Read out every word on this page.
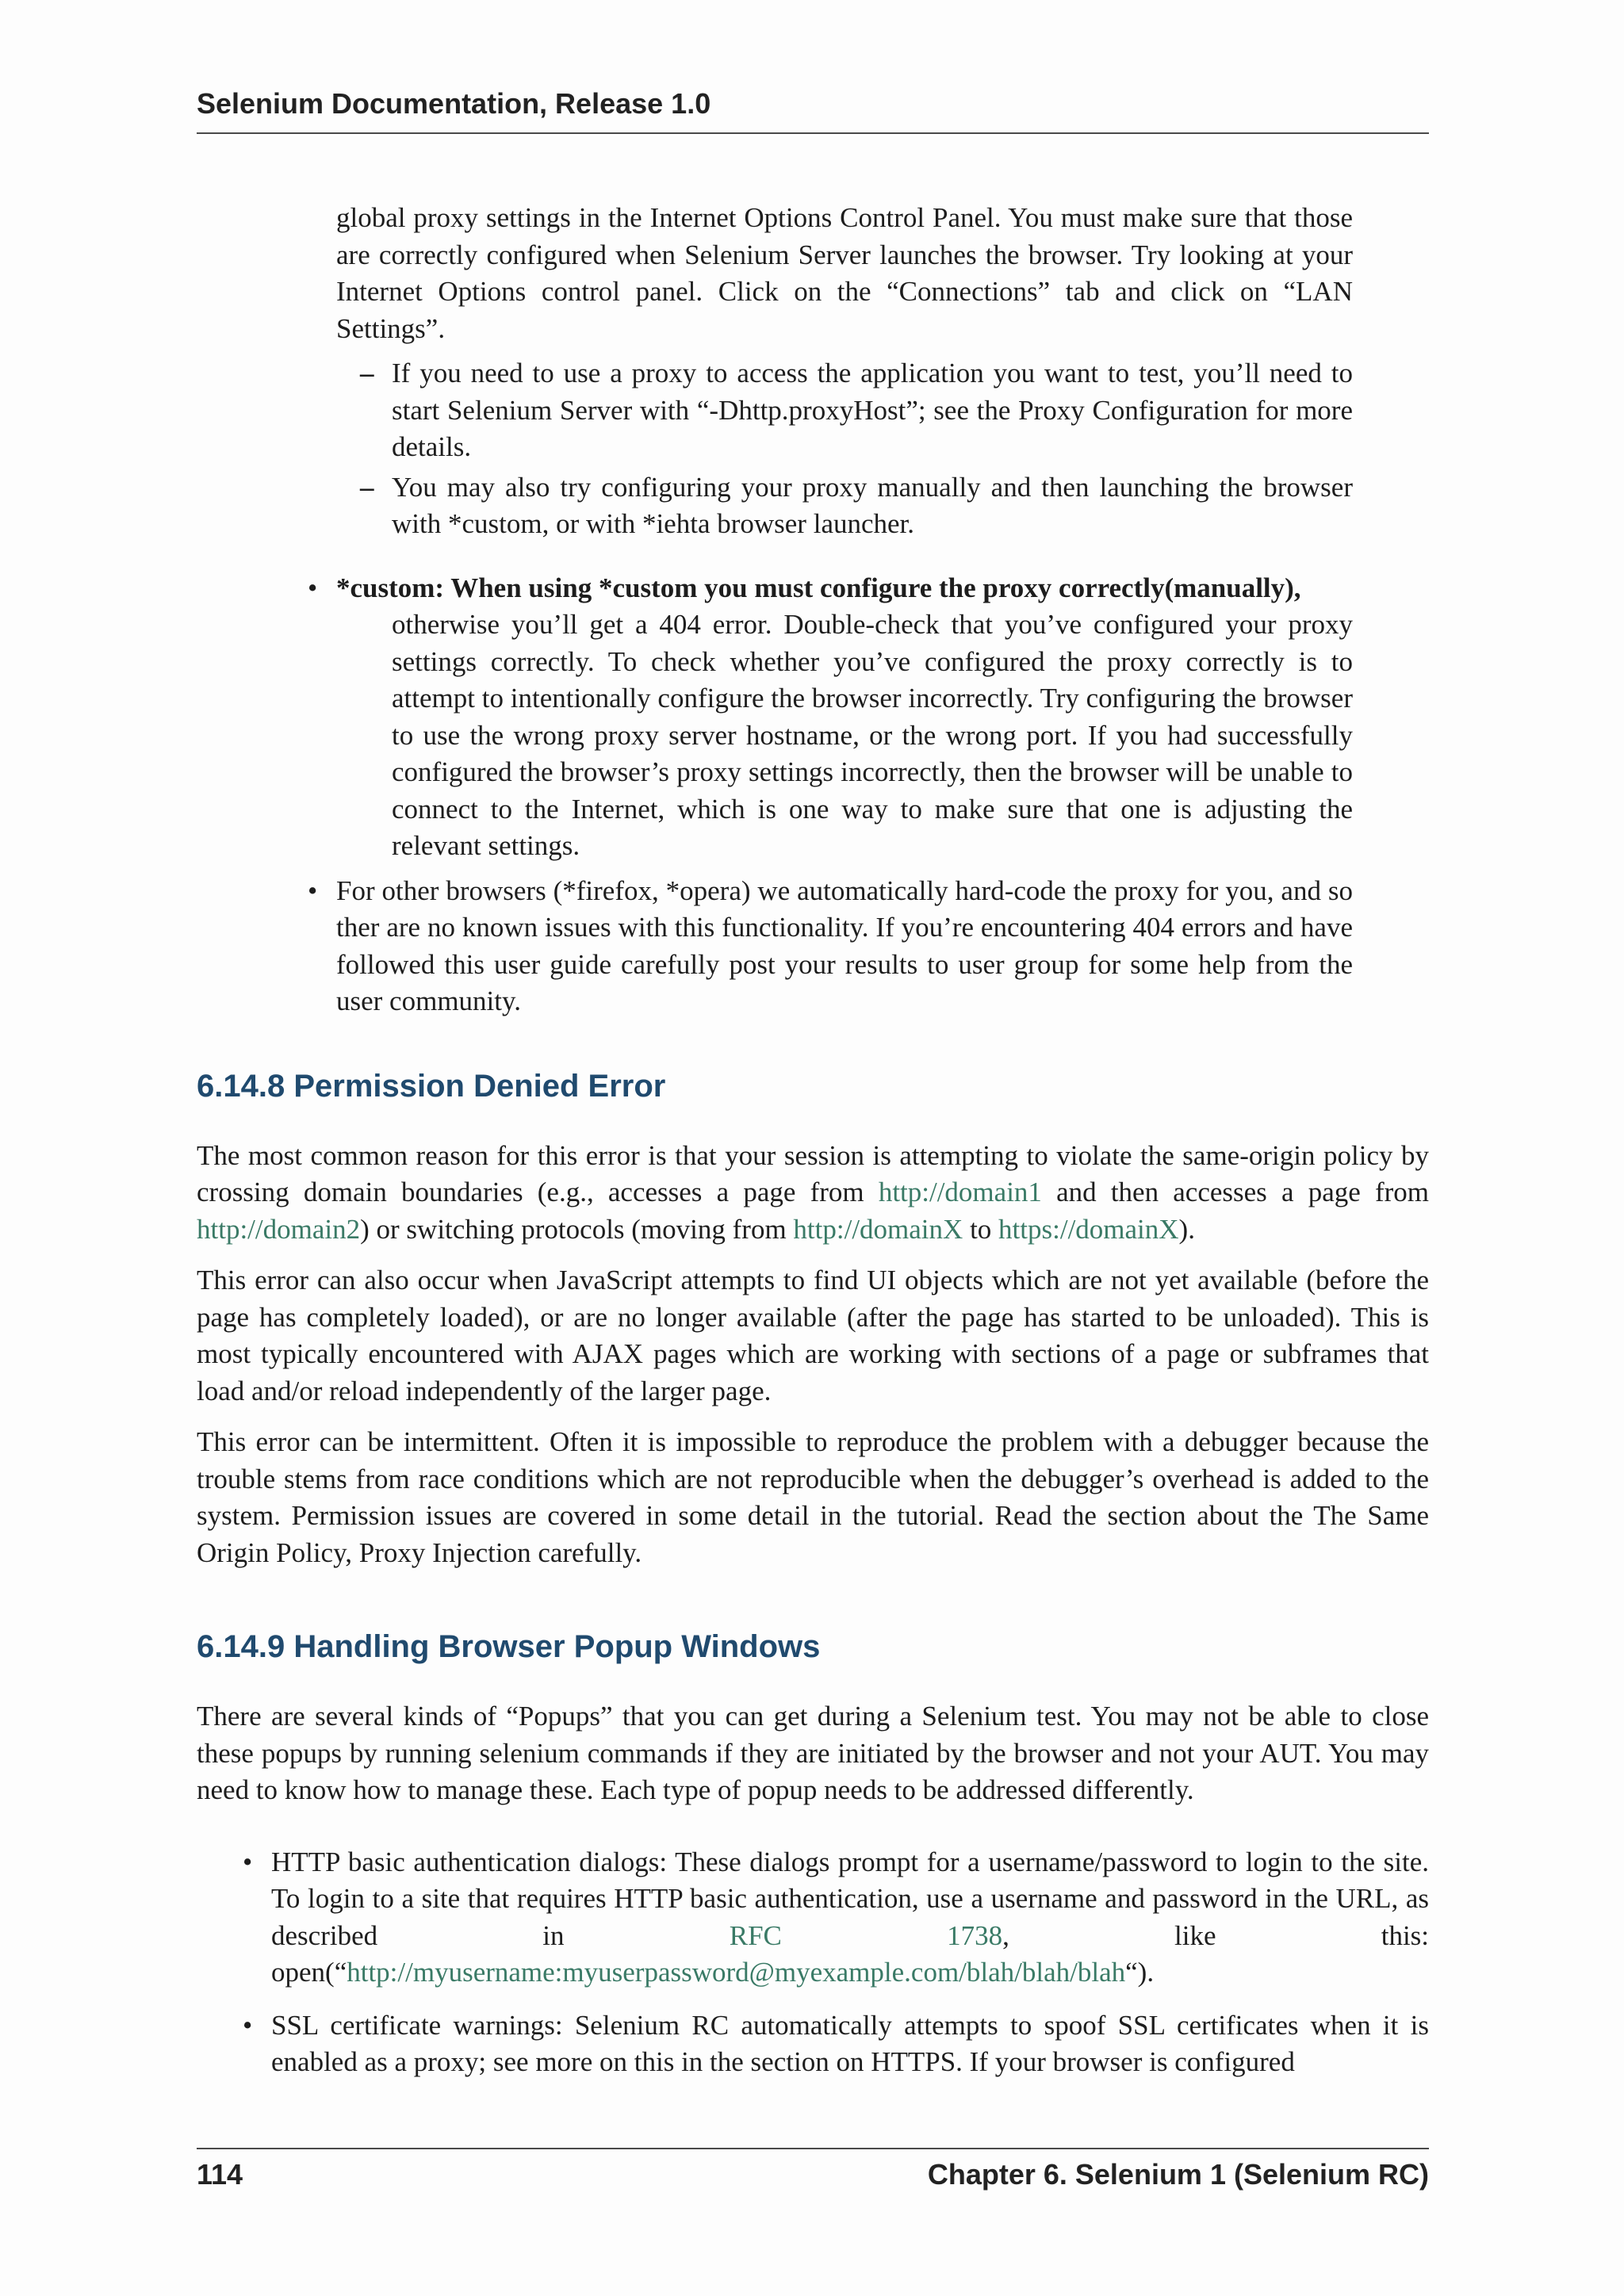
Selenium Documentation, Release 1.0

global proxy settings in the Internet Options Control Panel. You must make sure that those are correctly configured when Selenium Server launches the browser. Try looking at your Internet Options control panel. Click on the “Connections” tab and click on “LAN Settings”.

– If you need to use a proxy to access the application you want to test, you’ll need to start Selenium Server with “-Dhttp.proxyHost”; see the Proxy Configuration for more details.
– You may also try configuring your proxy manually and then launching the browser with *custom, or with *iehta browser launcher.
• *custom: When using *custom you must configure the proxy correctly(manually),
otherwise you’ll get a 404 error. Double-check that you’ve configured your proxy settings correctly. To check whether you’ve configured the proxy correctly is to attempt to intentionally configure the browser incorrectly. Try configuring the browser to use the wrong proxy server hostname, or the wrong port. If you had successfully configured the browser’s proxy settings incorrectly, then the browser will be unable to connect to the Internet, which is one way to make sure that one is adjusting the relevant settings.
• For other browsers (*firefox, *opera) we automatically hard-code the proxy for you, and so ther are no known issues with this functionality. If you’re encountering 404 errors and have followed this user guide carefully post your results to user group for some help from the user community.
6.14.8 Permission Denied Error

The most common reason for this error is that your session is attempting to violate the same-origin policy by crossing domain boundaries (e.g., accesses a page from http://domain1 and then accesses a page from http://domain2) or switching protocols (moving from http://domainX to https://domainX).

This error can also occur when JavaScript attempts to find UI objects which are not yet available (before the page has completely loaded), or are no longer available (after the page has started to be unloaded). This is most typically encountered with AJAX pages which are working with sections of a page or subframes that load and/or reload independently of the larger page.

This error can be intermittent. Often it is impossible to reproduce the problem with a debugger because the trouble stems from race conditions which are not reproducible when the debugger’s overhead is added to the system. Permission issues are covered in some detail in the tutorial. Read the section about the The Same Origin Policy, Proxy Injection carefully.

6.14.9 Handling Browser Popup Windows

There are several kinds of “Popups” that you can get during a Selenium test. You may not be able to close these popups by running selenium commands if they are initiated by the browser and not your AUT. You may need to know how to manage these. Each type of popup needs to be addressed differently.

• HTTP basic authentication dialogs: These dialogs prompt for a username/password to login to the site. To login to a site that requires HTTP basic authentication, use a username and password in the URL, as described in RFC 1738, like this: open(“http://myusername:myuserpassword@myexample.com/blah/blah/blah“).
• SSL certificate warnings: Selenium RC automatically attempts to spoof SSL certificates when it is enabled as a proxy; see more on this in the section on HTTPS. If your browser is configured
114	Chapter 6. Selenium 1 (Selenium RC)
